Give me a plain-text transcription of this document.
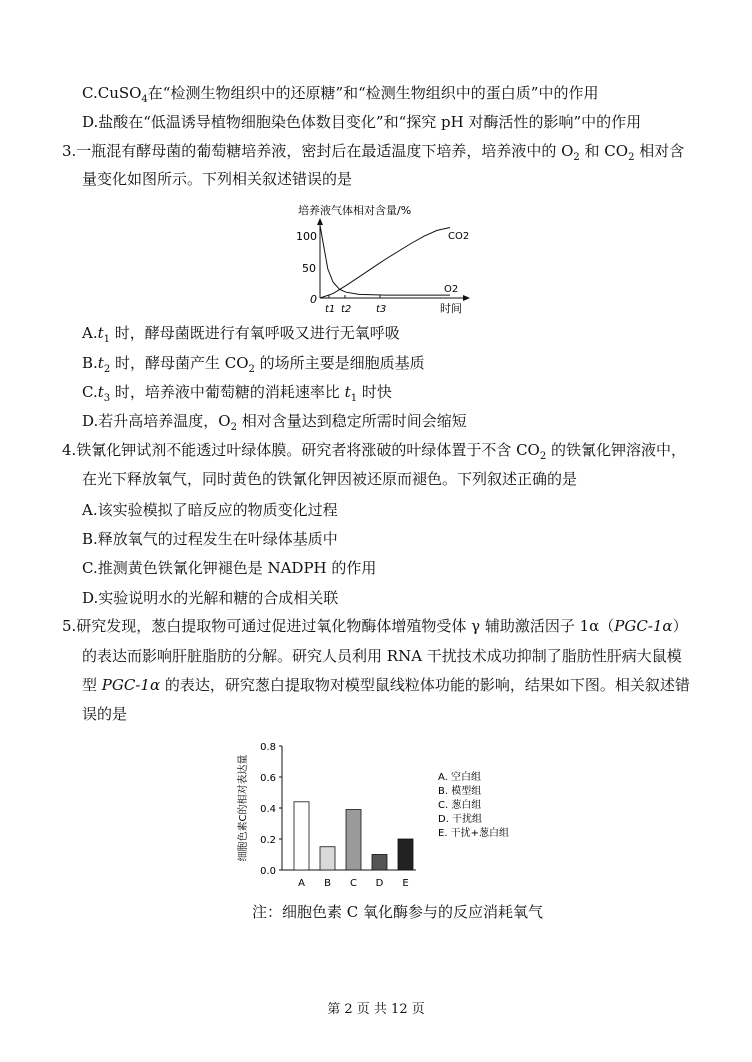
C.CuSO$_4$在“检测生物组织中的还原糖”和“检测生物组织中的蛋白质”中的作用
D.盐酸在“低温诱导植物细胞染色体数目变化”和“探究 pH 对酶活性的影响”中的作用
3.一瓶混有酵母菌的葡萄糖培养液，密封后在最适温度下培养，培养液中的 $O_2$ 和 $CO_2$ 相对含
量变化如图所示。下列相关叙述错误的是
培养液气体相对含量/%
100
50
0
CO2
O2
t1 t2 t3	时间
$A.t_1$ 时，酵母菌既进行有氧呼吸又进行无氧呼吸
$B.t_2$ 时，酵母菌产生 $CO_2$ 的场所主要是细胞质基质
$C.t_3$ 时，培养液中葡萄糖的消耗速率比 $t_1$ 时快
D.若升高培养温度，$O_2$ 相对含量达到稳定所需时间会缩短
4.铁氰化钾试剂不能透过叶绿体膜。研究者将涨破的叶绿体置于不含 $CO_2$ 的铁氰化钾溶液中，
在光下释放氧气，同时黄色的铁氰化钾因被还原而褪色。下列叙述正确的是
A.该实验模拟了暗反应的物质变化过程
B.释放氧气的过程发生在叶绿体基质中
C.推测黄色铁氰化钾褪色是 NADPH 的作用
D.实验说明水的光解和糖的合成相关联
5.研究发现，葱白提取物可通过促进过氧化物酶体增殖物受体 γ 辅助激活因子 1α（PGC-1α）
的表达而影响肝脏脂肪的分解。研究人员利用 RNA 干扰技术成功抑制了脂肪性肝病大鼠模
型 PGC-1α 的表达，研究葱白提取物对模型鼠线粒体功能的影响，结果如下图。相关叙述错
误的是
细胞色素C的相对表达量
0.0
0.2
0.4
0.6
0.8
A B C D E
A. 空白组
B. 模型组
C. 葱白组
D. 干扰组
E. 干扰+葱白组
注：细胞色素 C 氧化酶参与的反应消耗氧气
第 2 页 共 12 页
